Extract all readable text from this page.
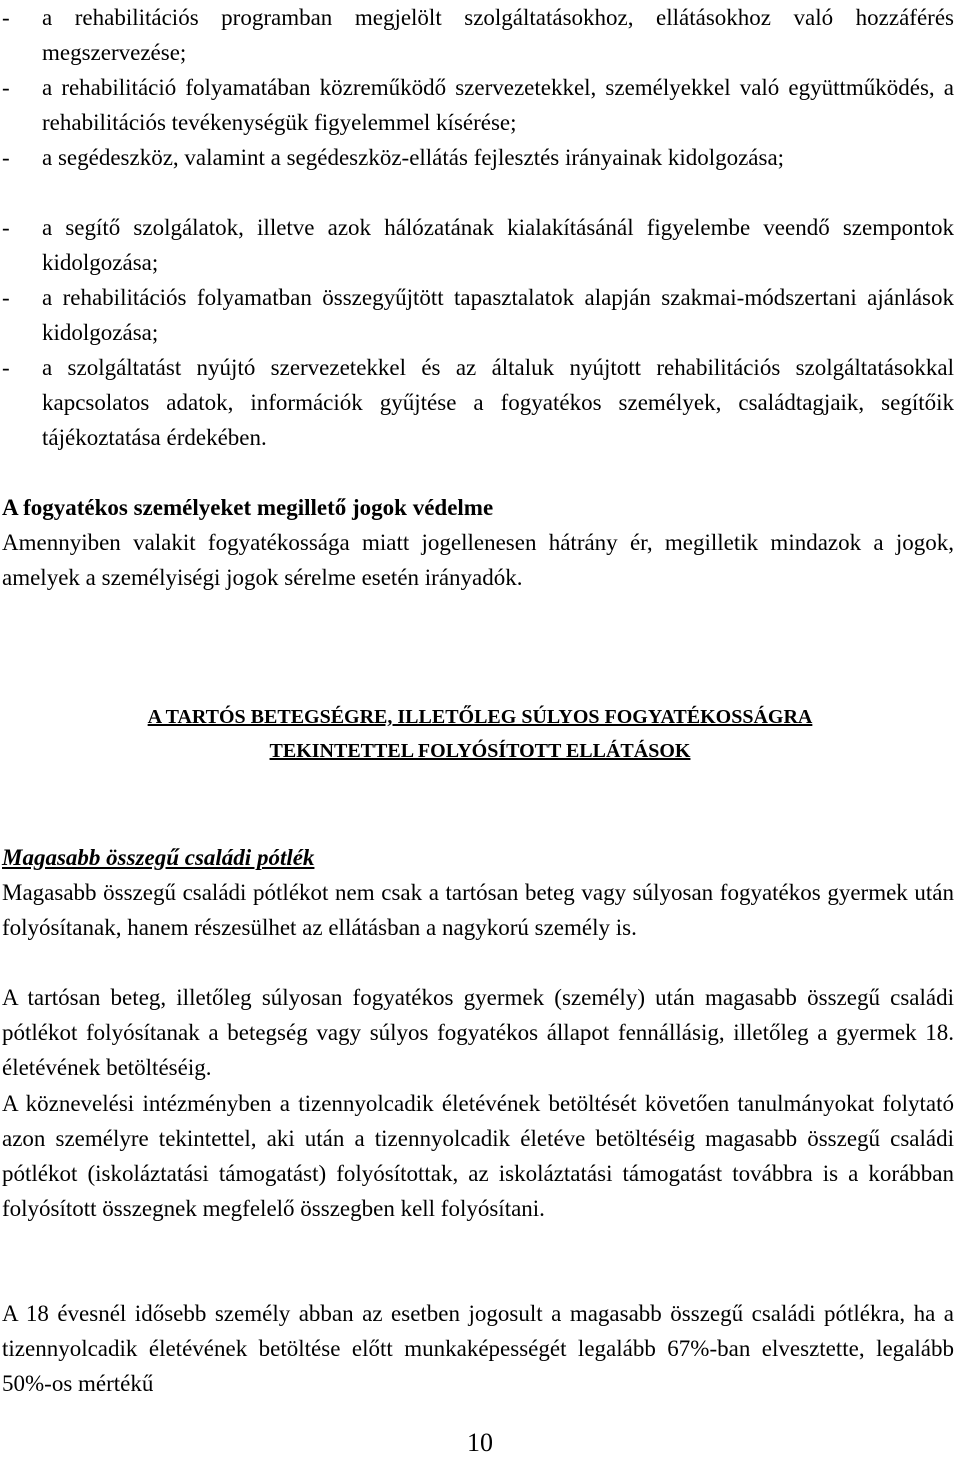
- a rehabilitációs programban megjelölt szolgáltatásokhoz, ellátásokhoz való hozzáférés megszervezése;
- a rehabilitáció folyamatában közreműködő szervezetekkel, személyekkel való együttműködés, a rehabilitációs tevékenységük figyelemmel kísérése;
- a segédeszköz, valamint a segédeszköz-ellátás fejlesztés irányainak kidolgozása;
- a segítő szolgálatok, illetve azok hálózatának kialakításánál figyelembe veendő szempontok kidolgozása;
- a rehabilitációs folyamatban összegyűjtött tapasztalatok alapján szakmai-módszertani ajánlások kidolgozása;
- a szolgáltatást nyújtó szervezetekkel és az általuk nyújtott rehabilitációs szolgáltatásokkal kapcsolatos adatok, információk gyűjtése a fogyatékos személyek, családtagjaik, segítőik tájékoztatása érdekében.
A fogyatékos személyeket megillető jogok védelme

Amennyiben valakit fogyatékossága miatt jogellenesen hátrány ér, megilletik mindazok a jogok, amelyek a személyiségi jogok sérelme esetén irányadók.

A TARTÓS BETEGSÉGRE, ILLETŐLEG SÚLYOS FOGYATÉKOSSÁGRA
TEKINTETTEL FOLYÓSÍTOTT ELLÁTÁSOK
Magasabb összegű családi pótlék

Magasabb összegű családi pótlékot nem csak a tartósan beteg vagy súlyosan fogyatékos gyermek után folyósítanak, hanem részesülhet az ellátásban a nagykorú személy is.

A tartósan beteg, illetőleg súlyosan fogyatékos gyermek (személy) után magasabb összegű családi pótlékot folyósítanak a betegség vagy súlyos fogyatékos állapot fennállásig, illetőleg a gyermek 18. életévének betöltéséig.

A köznevelési intézményben a tizennyolcadik életévének betöltését követően tanulmányokat folytató azon személyre tekintettel, aki után a tizennyolcadik életéve betöltéséig magasabb összegű családi pótlékot (iskoláztatási támogatást) folyósítottak, az iskoláztatási támogatást továbbra is a korábban folyósított összegnek megfelelő összegben kell folyósítani.

A 18 évesnél idősebb személy abban az esetben jogosult a magasabb összegű családi pótlékra, ha a tizennyolcadik életévének betöltése előtt munkaképességét legalább 67%-ban elvesztette, legalább 50%-os mértékű

10
